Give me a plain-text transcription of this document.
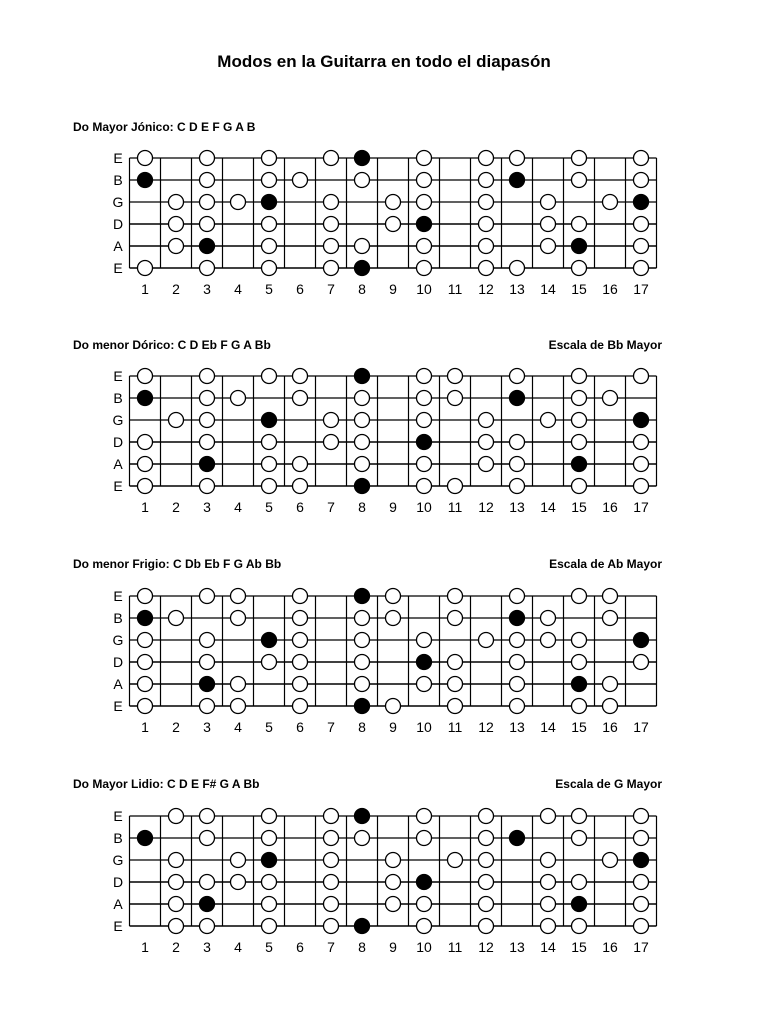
Modos en la Guitarra en todo el diapasón
Do Mayor Jónico: C D E F G A B
E
B
G
D
A
E
1 2 3 4 5 6 7 8 9 10 11 12 13 14 15 16 17
Do menor Dórico: C D Eb F G A Bb	Escala de Bb Mayor
E
B
G
D
A
E
1 2 3 4 5 6 7 8 9 10 11 12 13 14 15 16 17
Do menor Frigio: C Db Eb F G Ab Bb	Escala de Ab Mayor
E
B
G
D
A
E
1 2 3 4 5 6 7 8 9 10 11 12 13 14 15 16 17
Do Mayor Lidio: C D E F# G A Bb	Escala de G Mayor
E
B
G
D
A
E
1 2 3 4 5 6 7 8 9 10 11 12 13 14 15 16 17
